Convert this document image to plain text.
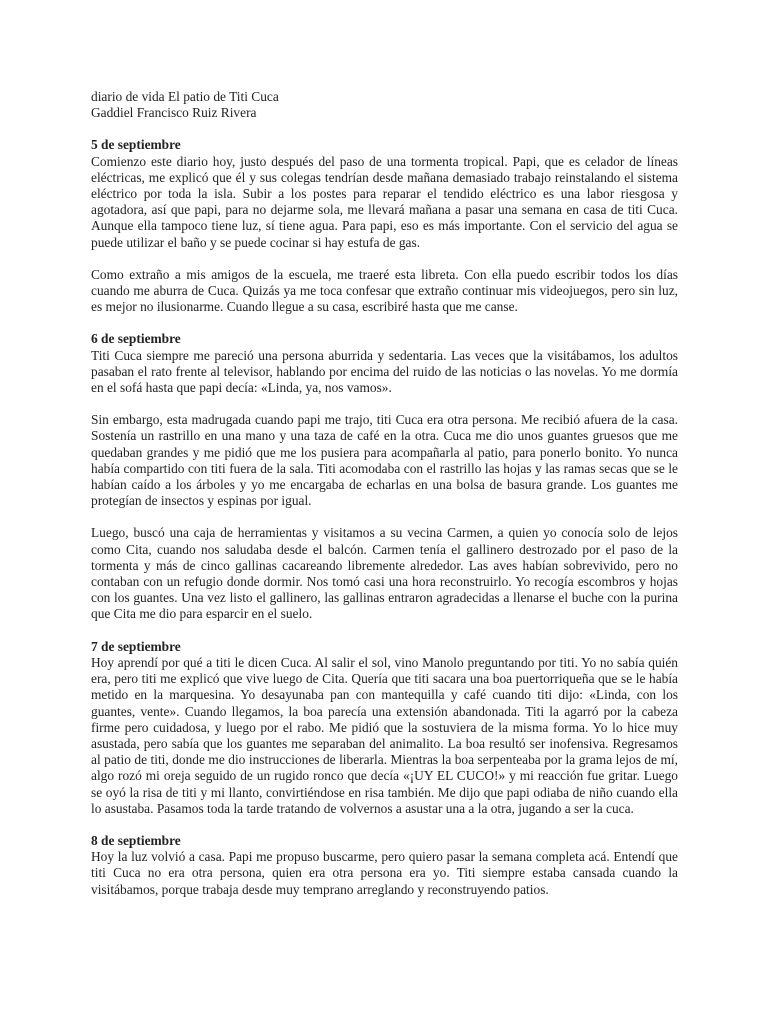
diario de vida El patio de Titi Cuca

Gaddiel Francisco Ruiz Rivera

5 de septiembre

Comienzo este diario hoy, justo después del paso de una tormenta tropical. Papi, que es celador de líneas eléctricas, me explicó que él y sus colegas tendrían desde mañana demasiado trabajo reinstalando el sistema eléctrico por toda la isla. Subir a los postes para reparar el tendido eléctrico es una labor riesgosa y agotadora, así que papi, para no dejarme sola, me llevará mañana a pasar una semana en casa de titi Cuca. Aunque ella tampoco tiene luz, sí tiene agua. Para papi, eso es más importante. Con el servicio del agua se puede utilizar el baño y se puede cocinar si hay estufa de gas.

Como extraño a mis amigos de la escuela, me traeré esta libreta. Con ella puedo escribir todos los días cuando me aburra de Cuca. Quizás ya me toca confesar que extraño continuar mis videojuegos, pero sin luz, es mejor no ilusionarme. Cuando llegue a su casa, escribiré hasta que me canse.

6 de septiembre

Titi Cuca siempre me pareció una persona aburrida y sedentaria. Las veces que la visitábamos, los adultos pasaban el rato frente al televisor, hablando por encima del ruido de las noticias o las novelas. Yo me dormía en el sofá hasta que papi decía: «Linda, ya, nos vamos».

Sin embargo, esta madrugada cuando papi me trajo, titi Cuca era otra persona. Me recibió afuera de la casa. Sostenía un rastrillo en una mano y una taza de café en la otra. Cuca me dio unos guantes gruesos que me quedaban grandes y me pidió que me los pusiera para acompañarla al patio, para ponerlo bonito. Yo nunca había compartido con titi fuera de la sala. Titi acomodaba con el rastrillo las hojas y las ramas secas que se le habían caído a los árboles y yo me encargaba de echarlas en una bolsa de basura grande. Los guantes me protegían de insectos y espinas por igual.

Luego, buscó una caja de herramientas y visitamos a su vecina Carmen, a quien yo conocía solo de lejos como Cita, cuando nos saludaba desde el balcón. Carmen tenía el gallinero destrozado por el paso de la tormenta y más de cinco gallinas cacareando libremente alrededor. Las aves habían sobrevivido, pero no contaban con un refugio donde dormir. Nos tomó casi una hora reconstruirlo. Yo recogía escombros y hojas con los guantes. Una vez listo el gallinero, las gallinas entraron agradecidas a llenarse el buche con la purina que Cita me dio para esparcir en el suelo.

7 de septiembre

Hoy aprendí por qué a titi le dicen Cuca. Al salir el sol, vino Manolo preguntando por titi. Yo no sabía quién era, pero titi me explicó que vive luego de Cita. Quería que titi sacara una boa puertorriqueña que se le había metido en la marquesina. Yo desayunaba pan con mantequilla y café cuando titi dijo: «Linda, con los guantes, vente». Cuando llegamos, la boa parecía una extensión abandonada. Titi la agarró por la cabeza firme pero cuidadosa, y luego por el rabo. Me pidió que la sostuviera de la misma forma. Yo lo hice muy asustada, pero sabía que los guantes me separaban del animalito. La boa resultó ser inofensiva. Regresamos al patio de titi, donde me dio instrucciones de liberarla. Mientras la boa serpenteaba por la grama lejos de mí, algo rozó mi oreja seguido de un rugido ronco que decía «¡UY EL CUCO!» y mi reacción fue gritar. Luego se oyó la risa de titi y mi llanto, convirtiéndose en risa también. Me dijo que papi odiaba de niño cuando ella lo asustaba. Pasamos toda la tarde tratando de volvernos a asustar una a la otra, jugando a ser la cuca.

8 de septiembre

Hoy la luz volvió a casa. Papi me propuso buscarme, pero quiero pasar la semana completa acá. Entendí que titi Cuca no era otra persona, quien era otra persona era yo. Titi siempre estaba cansada cuando la visitábamos, porque trabaja desde muy temprano arreglando y reconstruyendo patios.
